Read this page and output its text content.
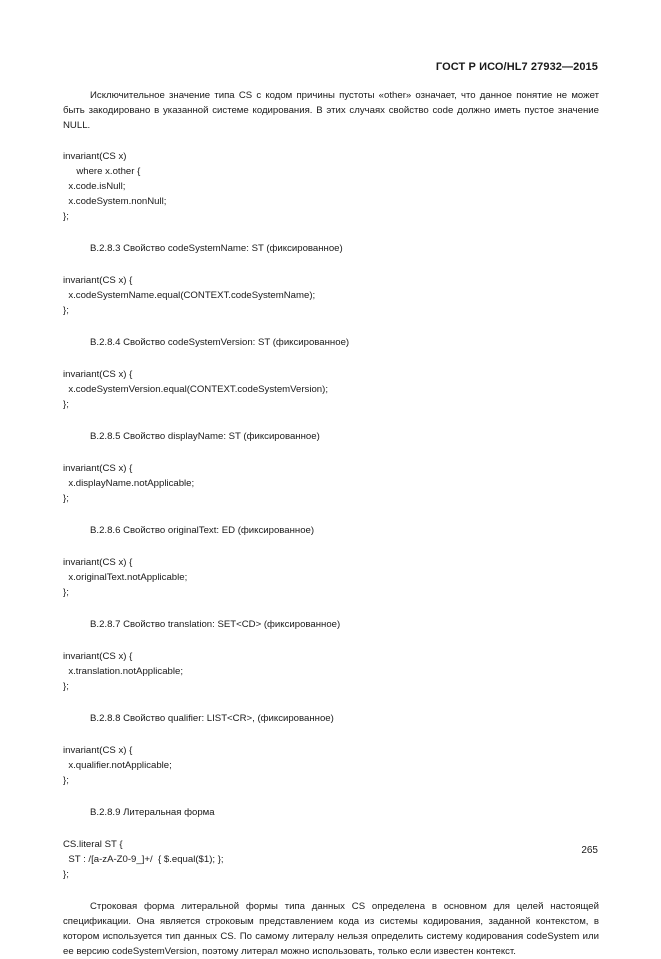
ГОСТ Р ИСО/HL7 27932—2015

Исключительное значение типа CS с кодом причины пустоты «other» означает, что данное понятие не может быть закодировано в указанной системе кодирования. В этих случаях свойство code должно иметь пустое значение NULL.

invariant(CS x)

where x.other {

x.code.isNull;

x.codeSystem.nonNull;

};

B.2.8.3 Свойство codeSystemName: ST (фиксированное)

invariant(CS x) {

x.codeSystemName.equal(CONTEXT.codeSystemName);

};

B.2.8.4 Свойство codeSystemVersion: ST (фиксированное)

invariant(CS x) {

x.codeSystemVersion.equal(CONTEXT.codeSystemVersion);

};

B.2.8.5 Свойство displayName: ST (фиксированное)

invariant(CS x) {

x.displayName.notApplicable;

};

B.2.8.6 Свойство originalText: ED (фиксированное)

invariant(CS x) {

x.originalText.notApplicable;

};

B.2.8.7 Свойство translation: SET<CD> (фиксированное)

invariant(CS x) {

x.translation.notApplicable;

};

B.2.8.8 Свойство qualifier: LIST<CR>, (фиксированное)

invariant(CS x) {

x.qualifier.notApplicable;

};

B.2.8.9 Литеральная форма

CS.literal ST {

ST : /[a-zA-Z0-9_]+/  { $.equal($1); };

};

Строковая форма литеральной формы типа данных CS определена в основном для целей настоящей спецификации. Она является строковым представлением кода из системы кодирования, заданной контекстом, в котором используется тип данных CS. По самому литералу нельзя определить систему кодирования codeSystem или ее версию codeSystemVersion, поэтому литерал можно использовать, только если известен контекст.

265
